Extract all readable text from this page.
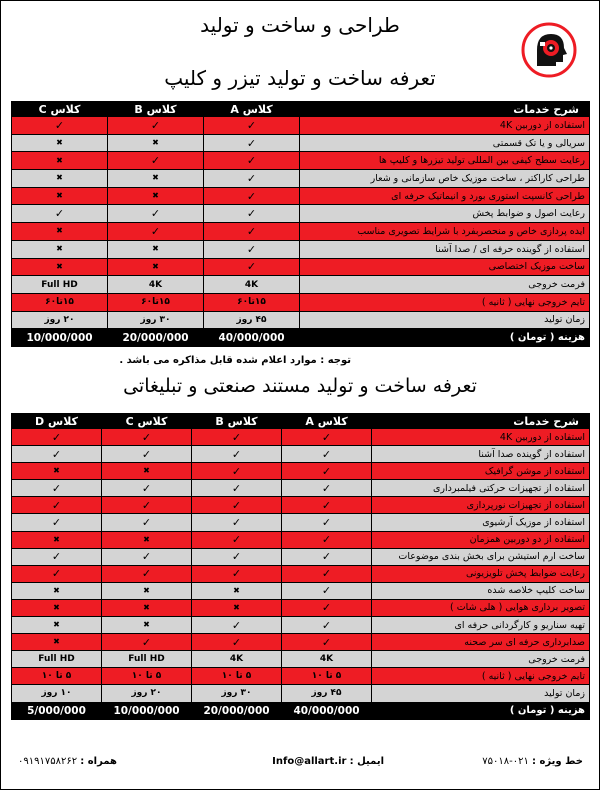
طراحی و ساخت و تولید
تعرفه ساخت و تولید تیزر و کلیپ
شرح خدمات	کلاس A	کلاس B	کلاس C
استفاده از دوربین 4K	✓	✓	✓
سریالی و یا تک قسمتی	✓	✖	✖
رعایت سطح کیفی بین المللی تولید تیزرها و کلیپ ها	✓	✓	✖
طراحی کاراکتر ، ساخت موزیک خاص سازمانی و شعار	✓	✖	✖
طراحی کانسپت استوری بورد و انیماتیک حرفه ای	✓	✖	✖
رعایت اصول و ضوابط پخش	✓	✓	✓
ایده پردازی خاص و منحصربفرد با شرایط تصویری مناسب	✓	✓	✖
استفاده از گوینده حرفه ای / صدا آشنا	✓	✖	✖
ساخت موزیک اختصاصی	✓	✖	✖
فرمت خروجی	4K	4K	Full HD
تایم خروجی نهایی ( ثانیه )	۱۵تا۶۰	۱۵تا۶۰	۱۵تا۶۰
زمان تولید	۴۵ روز	۳۰ روز	۲۰ روز
هزینه ( تومان )	40/000/000	20/000/000	10/000/000
توجه : موارد اعلام شده قابل مذاکره می باشد .
تعرفه ساخت و تولید مستند صنعتی و تبلیغاتی
شرح خدمات	کلاس A	کلاس B	کلاس C	کلاس D
استفاده از دوربین 4K	✓	✓	✓	✓
استفاده از گوینده صدا آشنا	✓	✓	✓	✓
استفاده از موشن گرافیک	✓	✓	✖	✖
استفاده از تجهیزات حرکتی فیلمبرداری	✓	✓	✓	✓
استفاده از تجهیزات نورپردازی	✓	✓	✓	✓
استفاده از موزیک آرشیوی	✓	✓	✓	✓
استفاده از دو دوربین همزمان	✓	✓	✖	✖
ساخت ارم استیشن برای بخش بندی موضوعات	✓	✓	✓	✓
رعایت ضوابط پخش تلویزیونی	✓	✓	✓	✓
ساخت کلیپ خلاصه شده	✓	✖	✖	✖
تصویر برداری هوایی ( هلی شات )	✓	✖	✖	✖
تهیه سناریو و کارگردانی حرفه ای	✓	✓	✖	✖
صدابرداری حرفه ای سر صحنه	✓	✓	✓	✖
فرمت خروجی	4K	4K	Full HD	Full HD
تایم خروجی نهایی ( ثانیه )	۵ تا ۱۰	۵ تا ۱۰	۵ تا ۱۰	۵ تا ۱۰
زمان تولید	۴۵ روز	۳۰ روز	۲۰ روز	۱۰ روز
هزینه ( تومان )	40/000/000	20/000/000	10/000/000	5/000/000
خط ویژه : ۰۲۱-۷۵۰۱۸
ایمیل : Info@allart.ir
همراه : ۰۹۱۹۱۷۵۸۲۶۲
